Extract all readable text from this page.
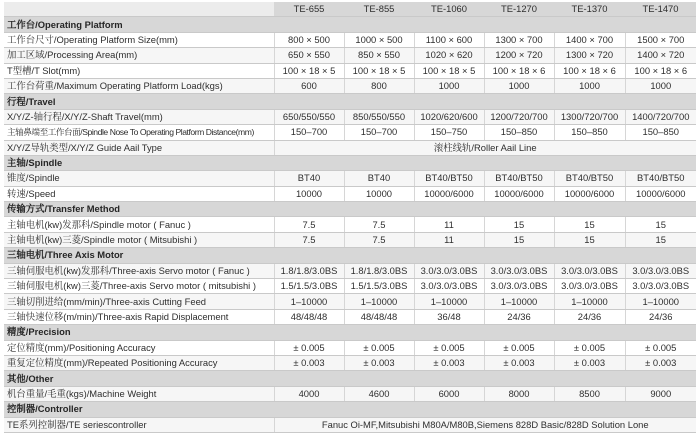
	TE-655	TE-855	TE-1060	TE-1270	TE-1370	TE-1470
工作台/Operating Platform						
工作台尺寸/Operating Platform Size(mm)	800 × 500	1000 × 500	1100 × 600	1300 × 700	1400 × 700	1500 × 700
加工区域/Processing Area(mm)	650 × 550	850 × 550	1020 × 620	1200 × 720	1300 × 720	1400 × 720
T型槽/T Slot(mm)	100 × 18 × 5	100 × 18 × 5	100 × 18 × 5	100 × 18 × 6	100 × 18 × 6	100 × 18 × 6
工作台荷重/Maximum Operating Platform Load(kgs)	600	800	1000	1000	1000	1000
行程/Travel						
X/Y/Z-轴行程/X/Y/Z-Shaft Travel(mm)	650/550/550	850/550/550	1020/620/600	1200/720/700	1300/720/700	1400/720/700
主轴鼻端至工作台面/Spindle Nose To Operating Platform Distance(mm)	150–700	150–700	150–750	150–850	150–850	150–850
X/Y/Z导轨类型/X/Y/Z Guide Aail Type	滚柱线轨/Roller Aail Line					
主轴/Spindle						
锥度/Spindle	BT40	BT40	BT40/BT50	BT40/BT50	BT40/BT50	BT40/BT50
转速/Speed	10000	10000	10000/6000	10000/6000	10000/6000	10000/6000
传输方式/Transfer Method						
主轴电机(kw)发那科/Spindle motor ( Fanuc )	7.5	7.5	11	15	15	15
主轴电机(kw)三菱/Spindle motor ( Mitsubishi )	7.5	7.5	11	15	15	15
三轴电机/Three Axis Motor						
三轴伺服电机(kw)发那科/Three-axis Servo motor ( Fanuc )	1.8/1.8/3.0BS	1.8/1.8/3.0BS	3.0/3.0/3.0BS	3.0/3.0/3.0BS	3.0/3.0/3.0BS	3.0/3.0/3.0BS
三轴伺服电机(kw)三菱/Three-axis Servo motor ( mitsubishi )	1.5/1.5/3.0BS	1.5/1.5/3.0BS	3.0/3.0/3.0BS	3.0/3.0/3.0BS	3.0/3.0/3.0BS	3.0/3.0/3.0BS
三轴切削进给(mm/min)/Three-axis Cutting Feed	1–10000	1–10000	1–10000	1–10000	1–10000	1–10000
三轴快速位移(m/min)/Three-axis Rapid Displacement	48/48/48	48/48/48	36/48	24/36	24/36	24/36
精度/Precision						
定位精度(mm)/Positioning Accuracy	± 0.005	± 0.005	± 0.005	± 0.005	± 0.005	± 0.005
重复定位精度(mm)/Repeated Positioning Accuracy	± 0.003	± 0.003	± 0.003	± 0.003	± 0.003	± 0.003
其他/Other						
机台重量/毛重(kgs)/Machine Weight	4000	4600	6000	8000	8500	9000
控制器/Controller						
TE系列控制器/TE seriescontroller	Fanuc Oi-MF,Mitsubishi M80A/M80B,Siemens 828D Basic/828D Solution Lone					
